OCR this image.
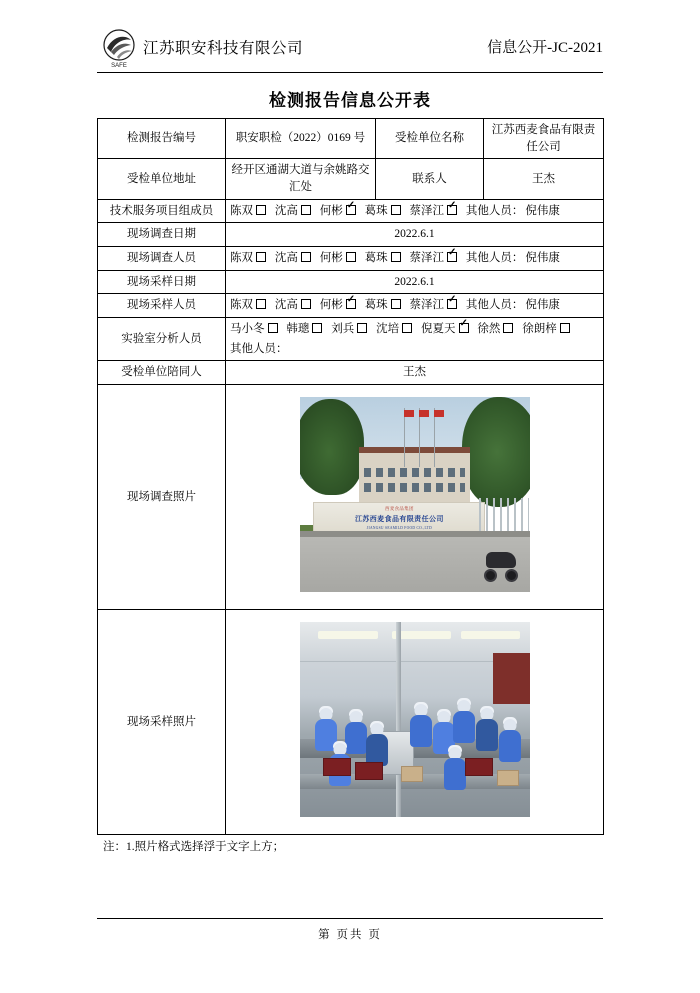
SAFE
江苏职安科技有限公司	信息公开-JC-2021
检测报告信息公开表
检测报告编号	职安职检（2022）0169 号	受检单位名称	江苏西麦食品有限责任公司
受检单位地址	经开区通湖大道与余姚路交汇处	联系人	王杰
技术服务项目组成员	陈双 沈高 何彬 ✓ 葛珠 蔡泽江 ✓ 其他人员： 倪伟康
现场调查日期	2022.6.1		
现场调查人员	陈双 沈高 何彬 葛珠 蔡泽江 ✓ 其他人员： 倪伟康
现场采样日期	2022.6.1		
现场采样人员	陈双 沈高 何彬 ✓ 葛珠 蔡泽江 ✓ 其他人员： 倪伟康
实验室分析人员	马小冬 韩璁 刘兵 沈培 倪夏天 ✓ 徐然 徐朗梓
其他人员：

受检单位陪同人	王杰		
现场调查照片	西麦食品集团
江苏西麦食品有限责任公司
JIANGSU SEAMILD FOOD CO.,LTD		

现场采样照片			
注：1.照片格式选择浮于文字上方；
第 页共 页
